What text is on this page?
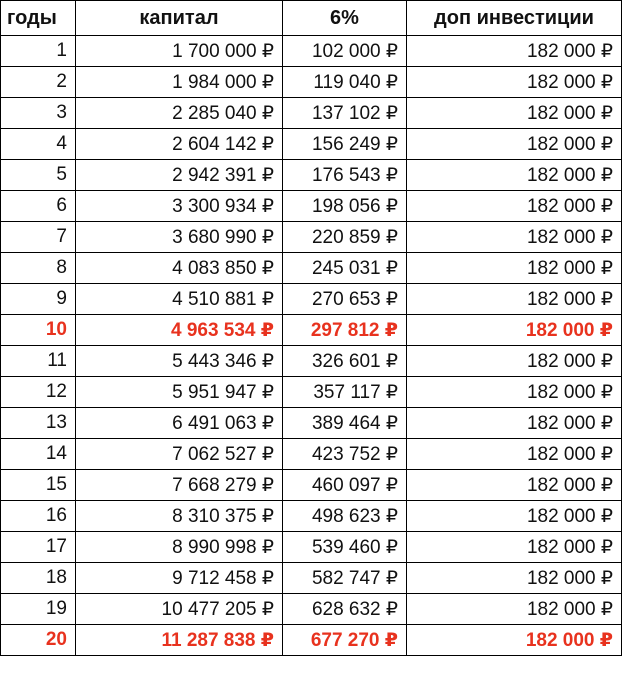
годы	капитал	6%	доп инвестиции
1	1 700 000 ₽	102 000 ₽	182 000 ₽
2	1 984 000 ₽	119 040 ₽	182 000 ₽
3	2 285 040 ₽	137 102 ₽	182 000 ₽
4	2 604 142 ₽	156 249 ₽	182 000 ₽
5	2 942 391 ₽	176 543 ₽	182 000 ₽
6	3 300 934 ₽	198 056 ₽	182 000 ₽
7	3 680 990 ₽	220 859 ₽	182 000 ₽
8	4 083 850 ₽	245 031 ₽	182 000 ₽
9	4 510 881 ₽	270 653 ₽	182 000 ₽
10	4 963 534 ₽	297 812 ₽	182 000 ₽
11	5 443 346 ₽	326 601 ₽	182 000 ₽
12	5 951 947 ₽	357 117 ₽	182 000 ₽
13	6 491 063 ₽	389 464 ₽	182 000 ₽
14	7 062 527 ₽	423 752 ₽	182 000 ₽
15	7 668 279 ₽	460 097 ₽	182 000 ₽
16	8 310 375 ₽	498 623 ₽	182 000 ₽
17	8 990 998 ₽	539 460 ₽	182 000 ₽
18	9 712 458 ₽	582 747 ₽	182 000 ₽
19	10 477 205 ₽	628 632 ₽	182 000 ₽
20	11 287 838 ₽	677 270 ₽	182 000 ₽
